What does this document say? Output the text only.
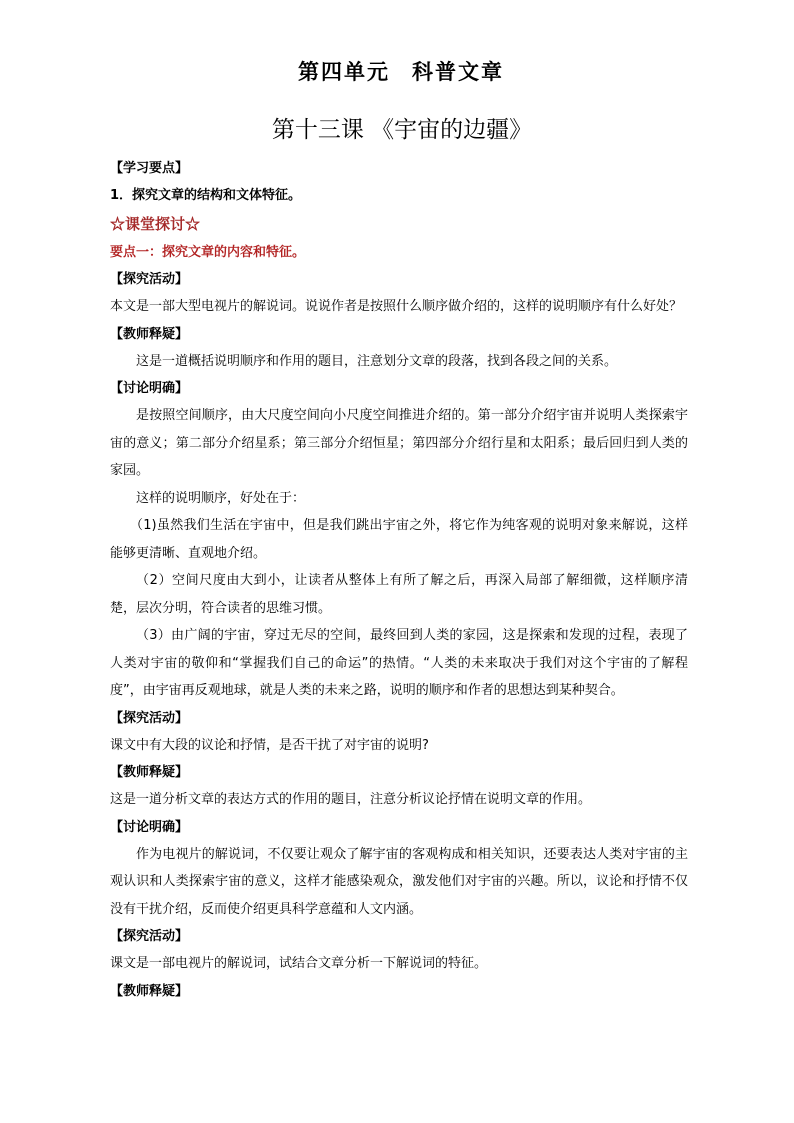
第四单元 科普文章
第十三课 《宇宙的边疆》
【学习要点】
1．探究文章的结构和文体特征。
☆课堂探讨☆
要点一：探究文章的内容和特征。
【探究活动】
本文是一部大型电视片的解说词。说说作者是按照什么顺序做介绍的，这样的说明顺序有什么好处？
【教师释疑】
这是一道概括说明顺序和作用的题目，注意划分文章的段落，找到各段之间的关系。
【讨论明确】
是按照空间顺序，由大尺度空间向小尺度空间推进介绍的。第一部分介绍宇宙并说明人类探索宇宙的意义；第二部分介绍星系；第三部分介绍恒星；第四部分介绍行星和太阳系；最后回归到人类的家园。
这样的说明顺序，好处在于：
（1)虽然我们生活在宇宙中，但是我们跳出宇宙之外，将它作为纯客观的说明对象来解说，这样能够更清晰、直观地介绍。
（2）空间尺度由大到小，让读者从整体上有所了解之后，再深入局部了解细微，这样顺序清楚，层次分明，符合读者的思维习惯。
（3）由广阔的宇宙，穿过无尽的空间，最终回到人类的家园，这是探索和发现的过程，表现了人类对宇宙的敬仰和“掌握我们自己的命运”的热情。“人类的未来取决于我们对这个宇宙的了解程度”，由宇宙再反观地球，就是人类的未来之路，说明的顺序和作者的思想达到某种契合。
【探究活动】
课文中有大段的议论和抒情，是否干扰了对宇宙的说明?
【教师释疑】
这是一道分析文章的表达方式的作用的题目，注意分析议论抒情在说明文章的作用。
【讨论明确】
作为电视片的解说词，不仅要让观众了解宇宙的客观构成和相关知识，还要表达人类对宇宙的主观认识和人类探索宇宙的意义，这样才能感染观众，激发他们对宇宙的兴趣。所以，议论和抒情不仅没有干扰介绍，反而使介绍更具科学意蕴和人文内涵。
【探究活动】
课文是一部电视片的解说词，试结合文章分析一下解说词的特征。
【教师释疑】
